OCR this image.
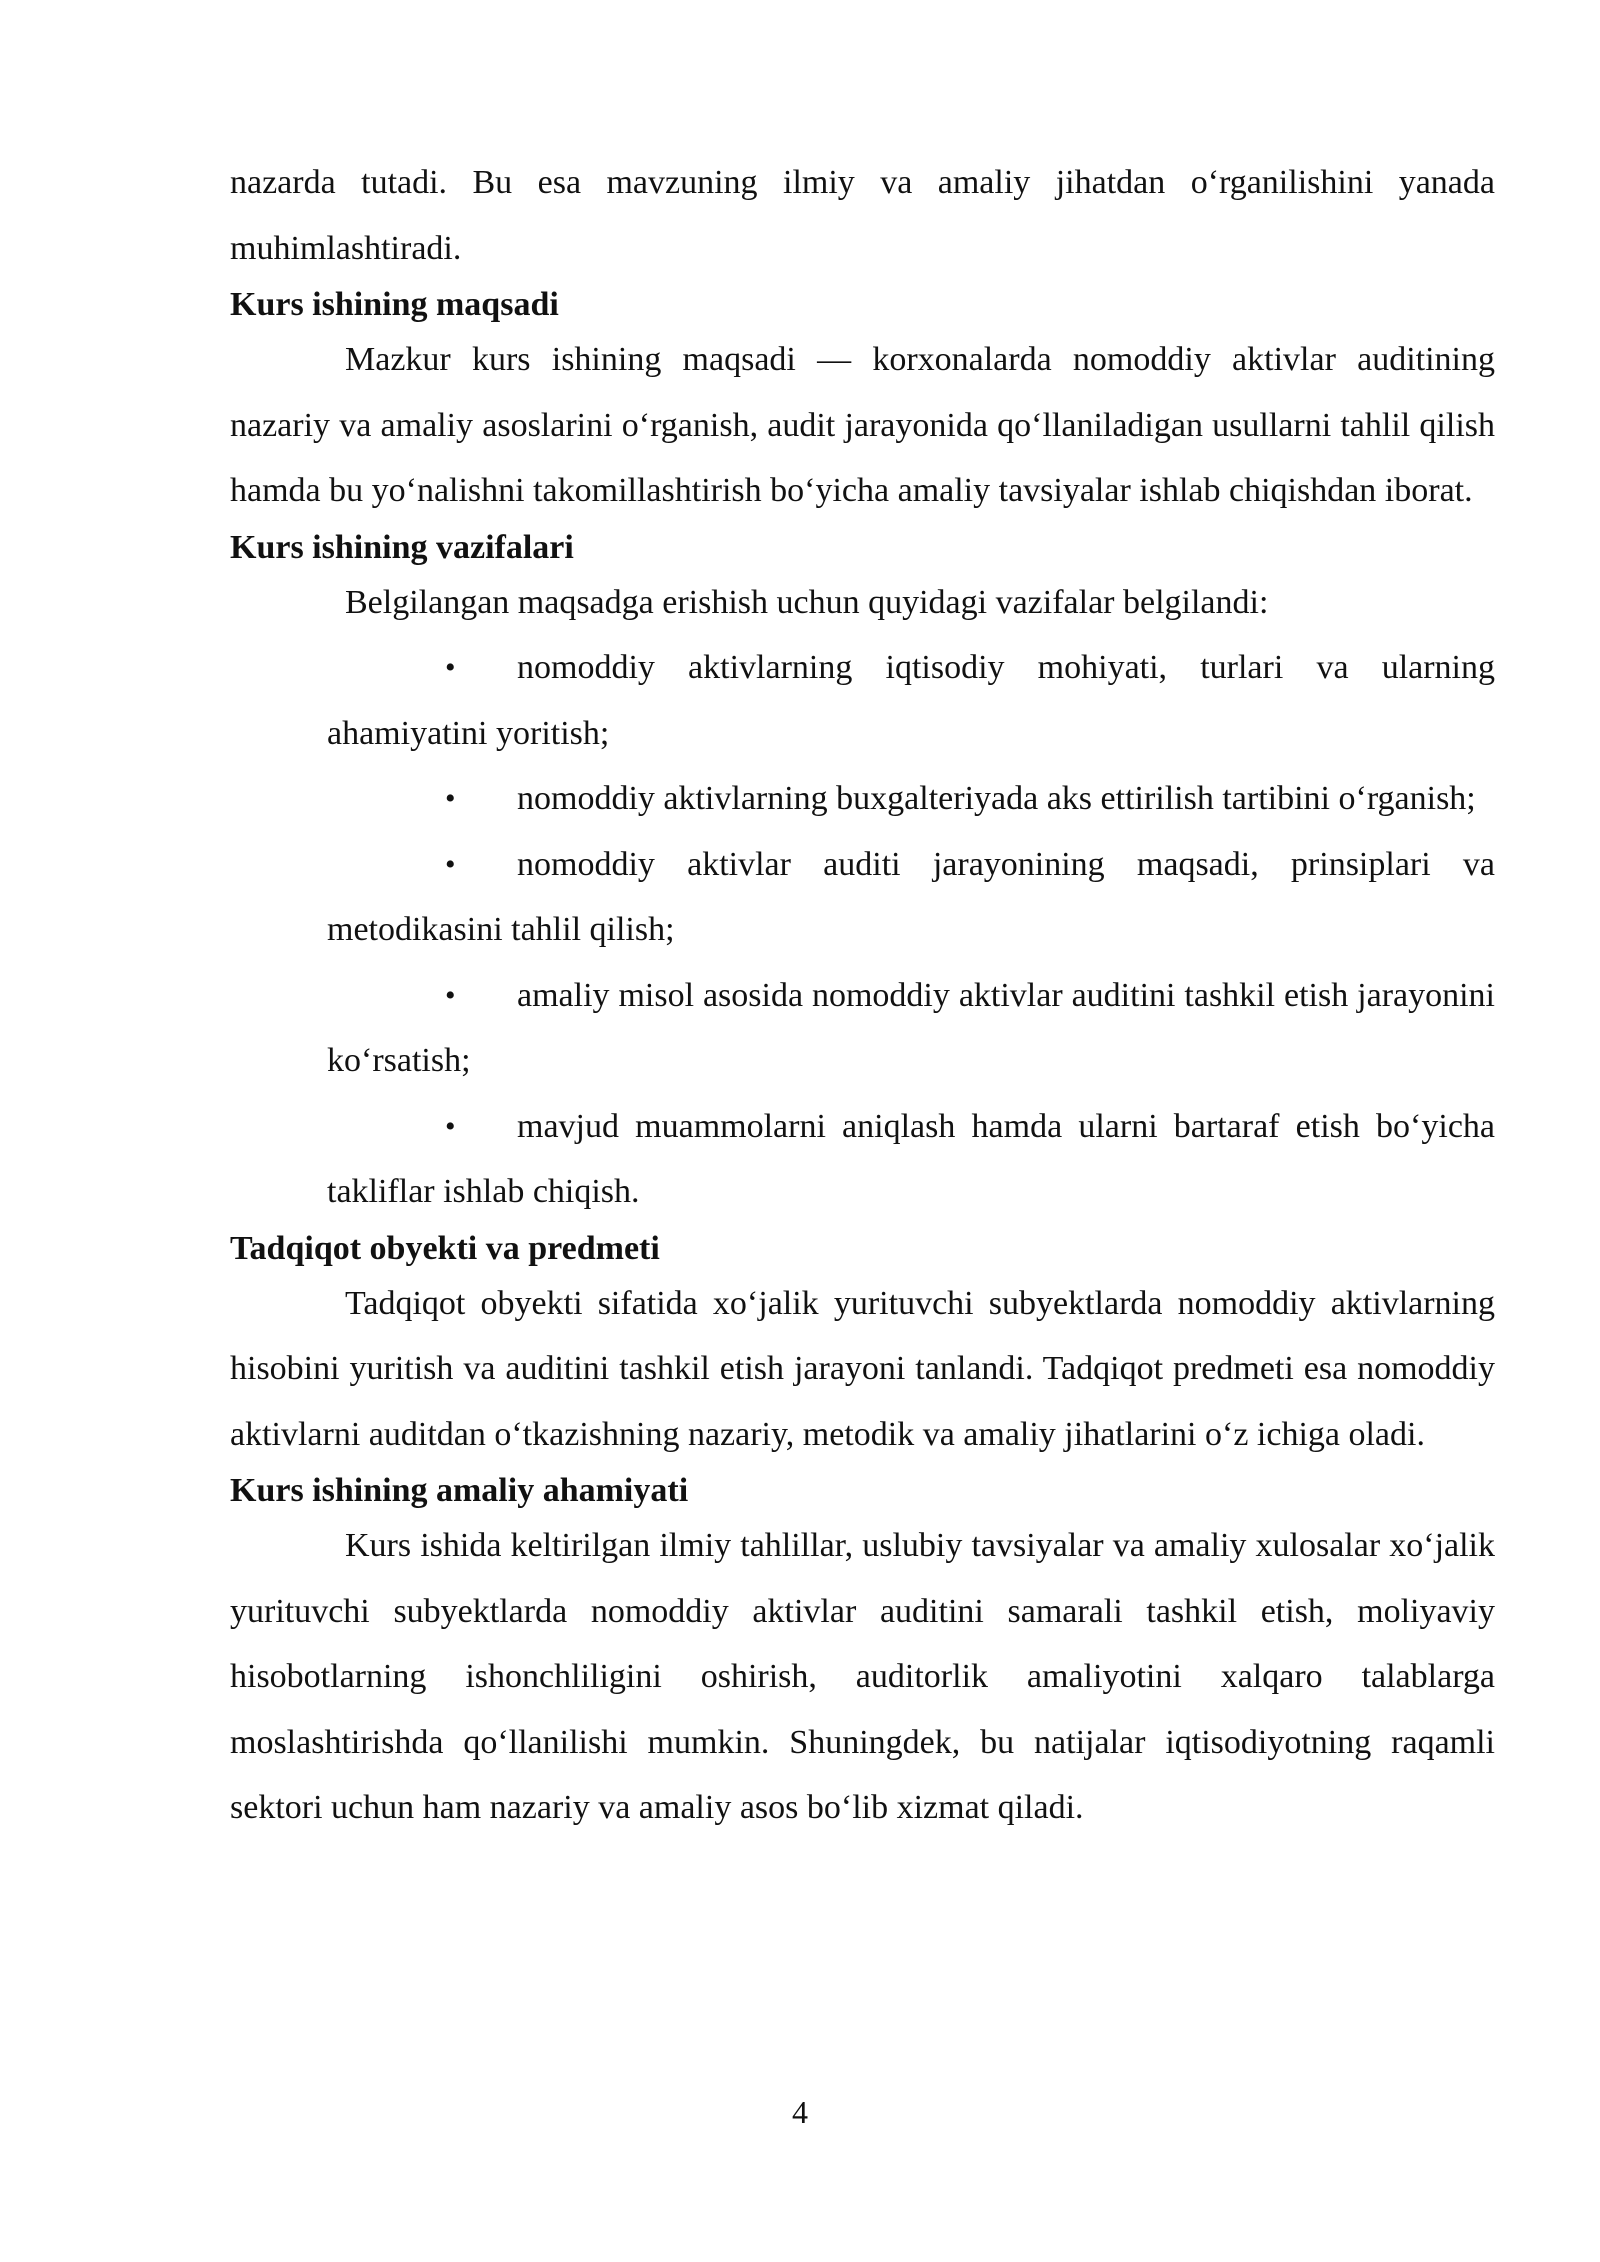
nazarda tutadi. Bu esa mavzuning ilmiy va amaliy jihatdan o‘rganilishini yanada muhimlashtiradi.

Kurs ishining maqsadi

Mazkur kurs ishining maqsadi — korxonalarda nomoddiy aktivlar auditining nazariy va amaliy asoslarini o‘rganish, audit jarayonida qo‘llaniladigan usullarni tahlil qilish hamda bu yo‘nalishni takomillashtirish bo‘yicha amaliy tavsiyalar ishlab chiqishdan iborat.

Kurs ishining vazifalari

Belgilangan maqsadga erishish uchun quyidagi vazifalar belgilandi:

• nomoddiy aktivlarning iqtisodiy mohiyati, turlari va ularning ahamiyatini yoritish;
• nomoddiy aktivlarning buxgalteriyada aks ettirilish tartibini o‘rganish;
• nomoddiy aktivlar auditi jarayonining maqsadi, prinsiplari va metodikasini tahlil qilish;
• amaliy misol asosida nomoddiy aktivlar auditini tashkil etish jarayonini ko‘rsatish;
• mavjud muammolarni aniqlash hamda ularni bartaraf etish bo‘yicha takliflar ishlab chiqish.

Tadqiqot obyekti va predmeti

Tadqiqot obyekti sifatida xo‘jalik yurituvchi subyektlarda nomoddiy aktivlarning hisobini yuritish va auditini tashkil etish jarayoni tanlandi. Tadqiqot predmeti esa nomoddiy aktivlarni auditdan o‘tkazishning nazariy, metodik va amaliy jihatlarini o‘z ichiga oladi.

Kurs ishining amaliy ahamiyati

Kurs ishida keltirilgan ilmiy tahlillar, uslubiy tavsiyalar va amaliy xulosalar xo‘jalik yurituvchi subyektlarda nomoddiy aktivlar auditini samarali tashkil etish, moliyaviy hisobotlarning ishonchliligini oshirish, auditorlik amaliyotini xalqaro talablarga moslashtirishda qo‘llanilishi mumkin. Shuningdek, bu natijalar iqtisodiyotning raqamli sektori uchun ham nazariy va amaliy asos bo‘lib xizmat qiladi.

4
